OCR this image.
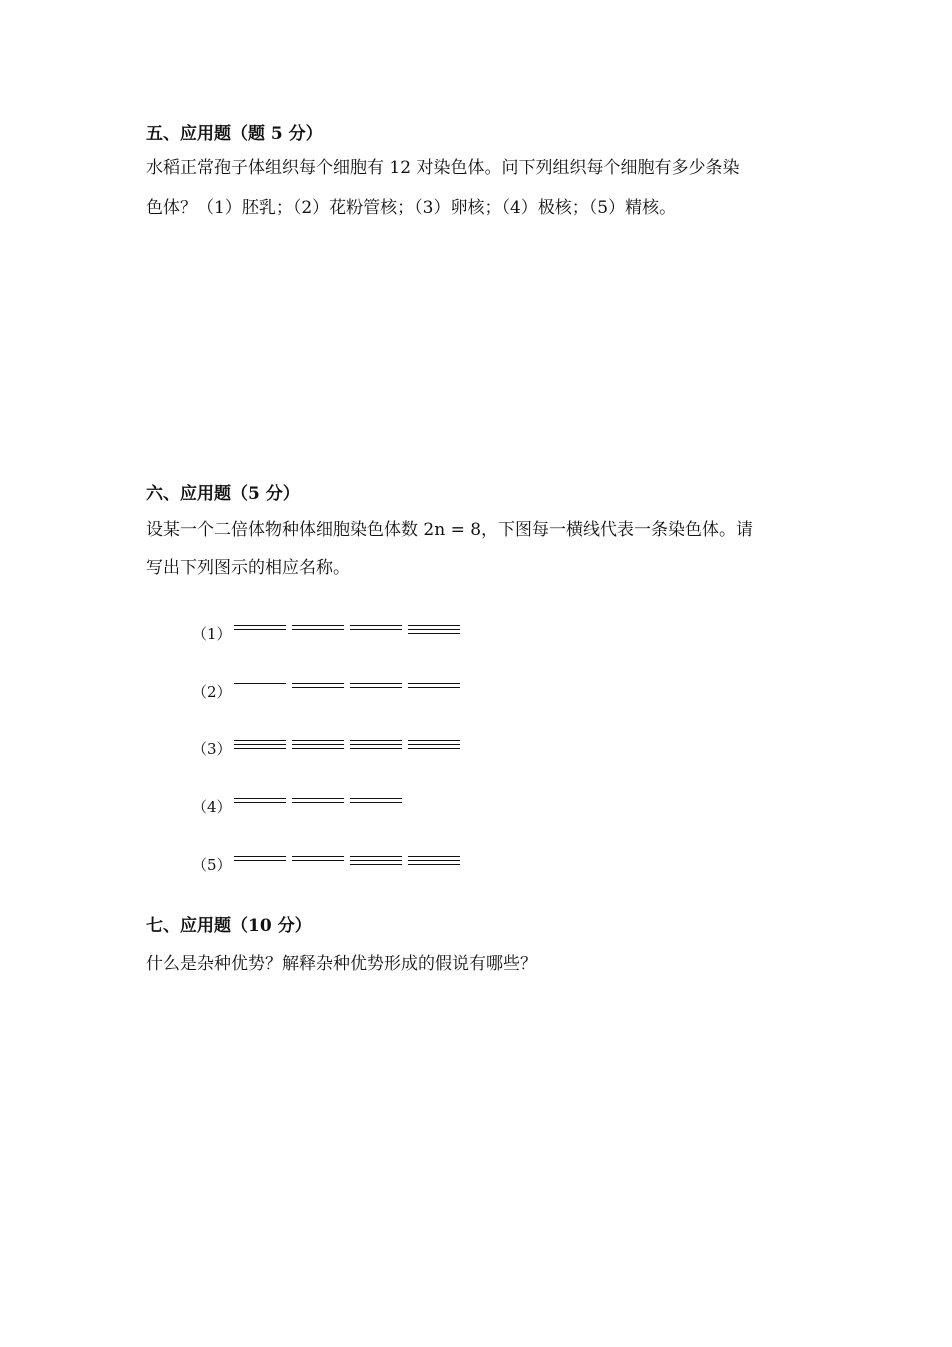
五、应用题（题 5 分）
水稻正常孢子体组织每个细胞有 12 对染色体。问下列组织每个细胞有多少条染
色体？（1）胚乳；（2）花粉管核；（3）卵核；（4）极核；（5）精核。
六、应用题（5 分）
设某一个二倍体物种体细胞染色体数 2n = 8，下图每一横线代表一条染色体。请
写出下列图示的相应名称。
（1）
（2）
（3）
（4）
（5）
七、应用题（10 分）
什么是杂种优势？解释杂种优势形成的假说有哪些？
